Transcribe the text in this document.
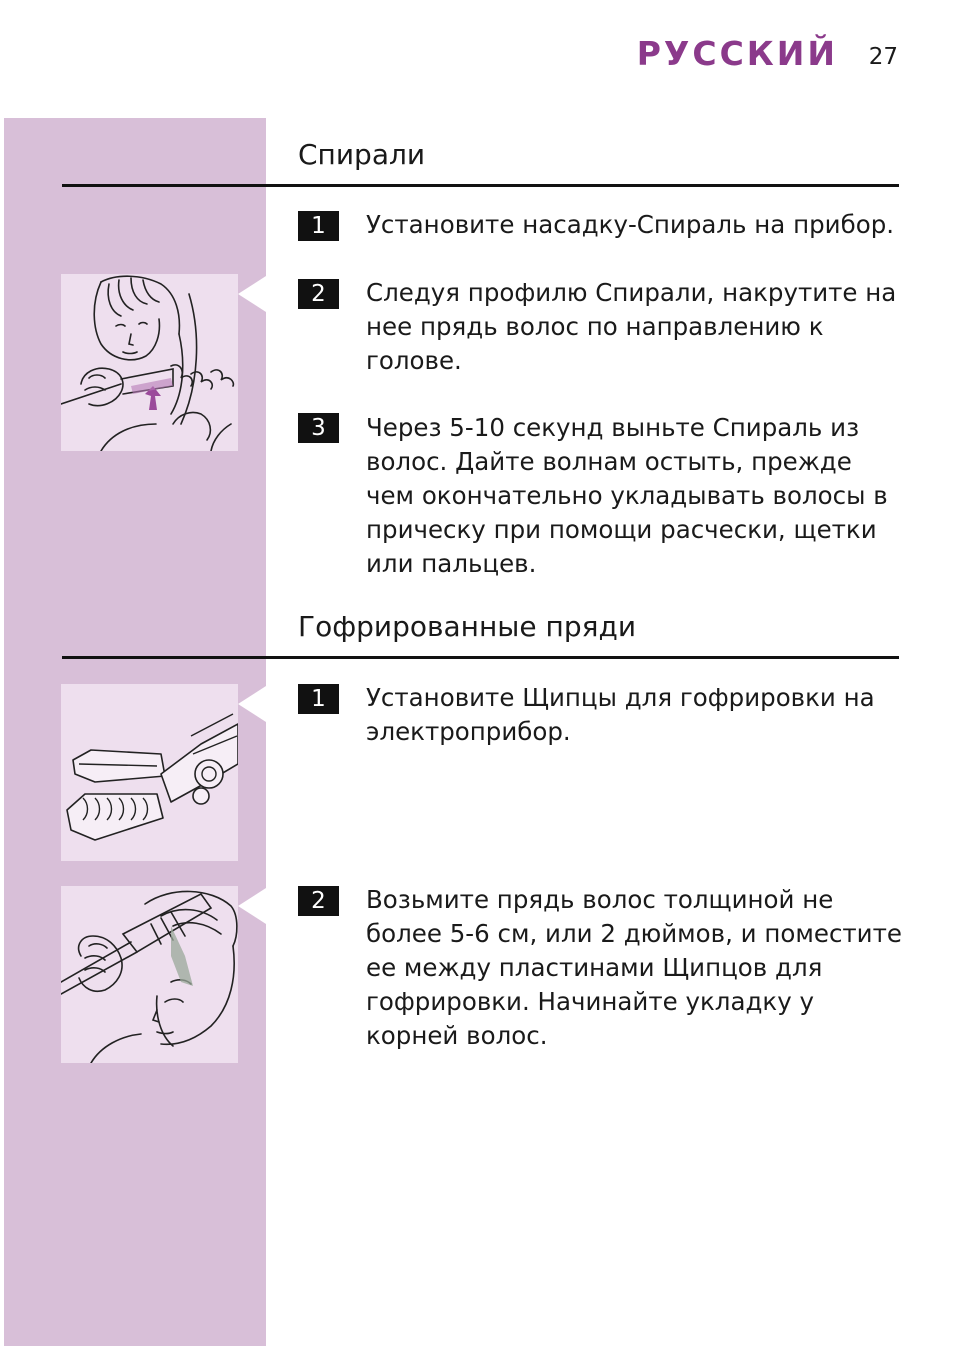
РУССКИЙ 27
Спирали
1	Установите насадку-Спираль на прибор.

2	Следуя профилю Спирали, накрутите на нее прядь волос по направлению к голове.

3	Через 5-10 секунд выньте Спираль из волос. Дайте волнам остыть, прежде чем окончательно укладывать волосы в прическу при помощи расчески, щетки или пальцев.

Гофрированные пряди
1	Установите Щипцы для гофрировки на электроприбор.

2	Возьмите прядь волос толщиной не более 5-6 см, или 2 дюймов, и поместите ее между пластинами Щипцов для гофрировки. Начинайте укладку у корней волос.
